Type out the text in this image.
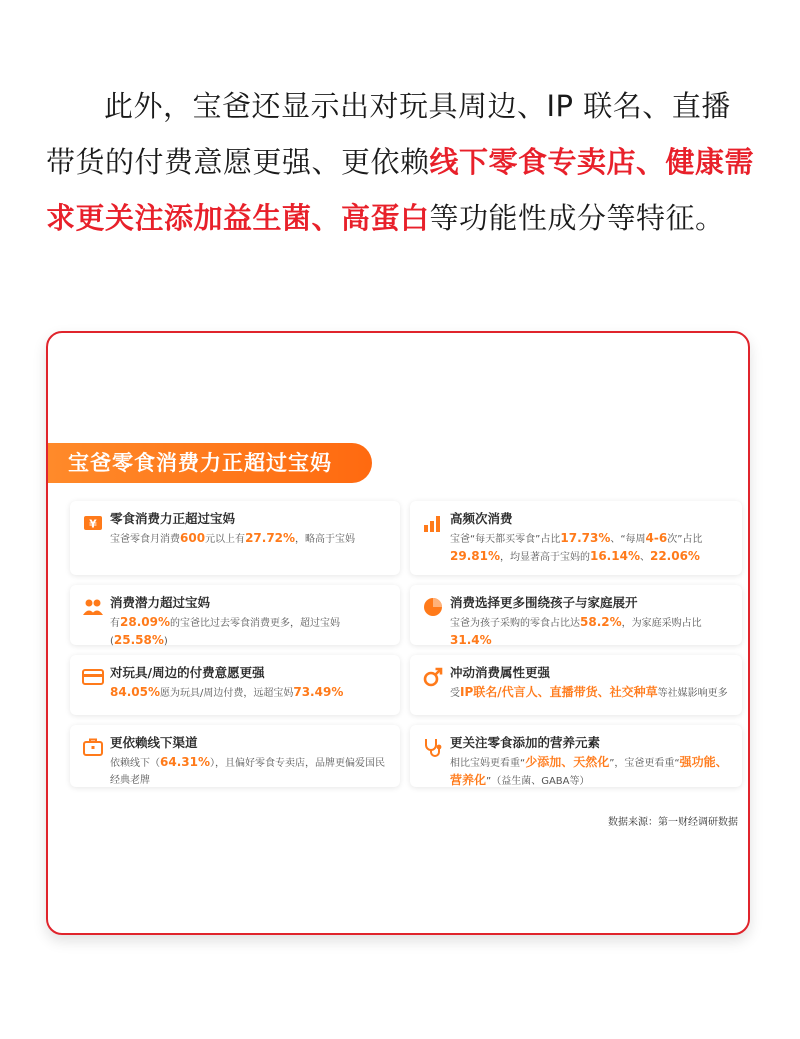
此外，宝爸还显示出对玩具周边、IP 联名、直播带货的付费意愿更强、更依赖线下零食专卖店、健康需求更关注添加益生菌、高蛋白等功能性成分等特征。
宝爸零食消费力正超过宝妈
¥ 零食消费力正超过宝妈
宝爸零食月消费600元以上有27.72%，略高于宝妈
高频次消费
宝爸“每天都买零食”占比17.73%、“每周4-6次”占比
29.81%，均显著高于宝妈的16.14%、22.06%
消费潜力超过宝妈
有28.09%的宝爸比过去零食消费更多，超过宝妈(25.58%)
消费选择更多围绕孩子与家庭展开
宝爸为孩子采购的零食占比达58.2%，为家庭采购占比31.4%
对玩具/周边的付费意愿更强
84.05%愿为玩具/周边付费，远超宝妈73.49%
冲动消费属性更强
受IP联名/代言人、直播带货、社交种草等社媒影响更多
更依赖线下渠道
依赖线下（64.31%），且偏好零食专卖店，品牌更偏爱国民经典老牌
更关注零食添加的营养元素
相比宝妈更看重“少添加、天然化”，宝爸更看重“强功能、营养化”（益生菌、GABA等）
数据来源：第一财经调研数据
